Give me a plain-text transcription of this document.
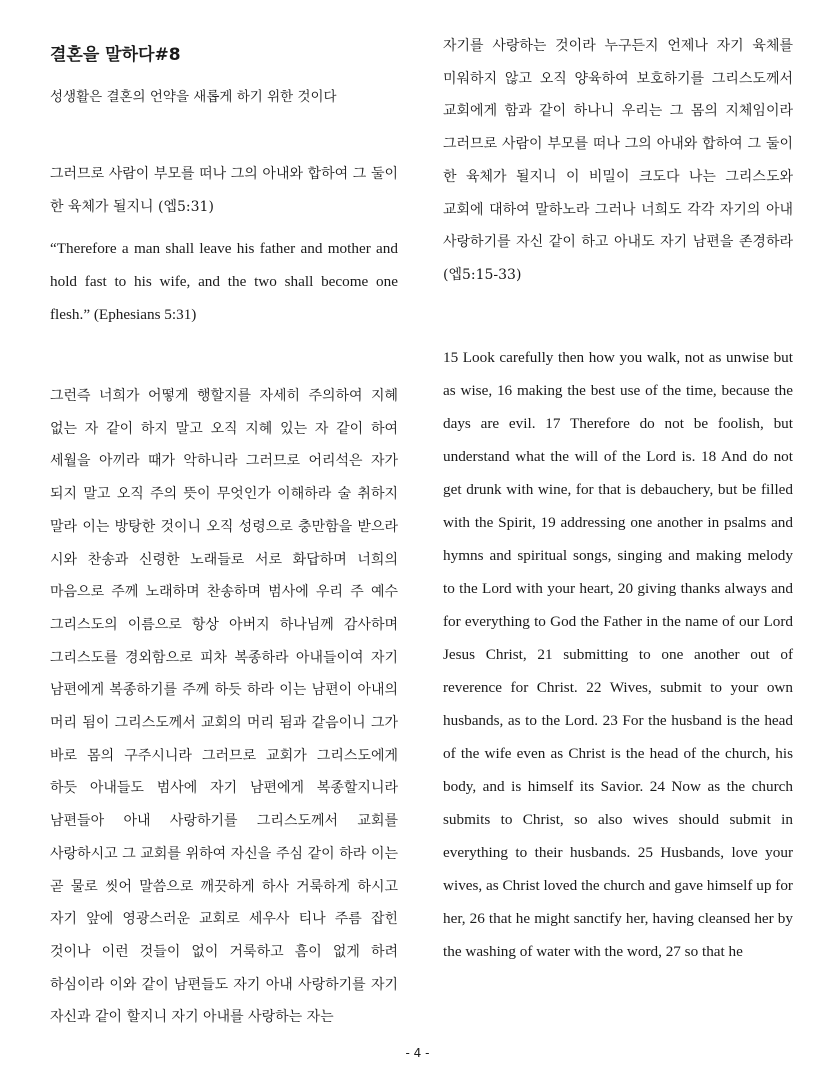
결혼을 말하다#8
성생활은 결혼의 언약을 새롭게 하기 위한 것이다

그러므로 사람이 부모를 떠나 그의 아내와 합하여 그 둘이 한 육체가 될지니 (엡5:31)

“Therefore a man shall leave his father and mother and hold fast to his wife, and the two shall become one flesh.” (Ephesians 5:31)

그런즉 너희가 어떻게 행할지를 자세히 주의하여 지혜 없는 자 같이 하지 말고 오직 지혜 있는 자 같이 하여 세월을 아끼라 때가 악하니라 그러므로 어리석은 자가 되지 말고 오직 주의 뜻이 무엇인가 이해하라 술 취하지 말라 이는 방탕한 것이니 오직 성령으로 충만함을 받으라 시와 찬송과 신령한 노래들로 서로 화답하며 너희의 마음으로 주께 노래하며 찬송하며 범사에 우리 주 예수 그리스도의 이름으로 항상 아버지 하나님께 감사하며 그리스도를 경외함으로 피차 복종하라 아내들이여 자기 남편에게 복종하기를 주께 하듯 하라 이는 남편이 아내의 머리 됨이 그리스도께서 교회의 머리 됨과 같음이니 그가 바로 몸의 구주시니라 그러므로 교회가 그리스도에게 하듯 아내들도 범사에 자기 남편에게 복종할지니라 남편들아 아내 사랑하기를 그리스도께서 교회를 사랑하시고 그 교회를 위하여 자신을 주심 같이 하라 이는 곧 물로 씻어 말씀으로 깨끗하게 하사 거룩하게 하시고 자기 앞에 영광스러운 교회로 세우사 티나 주름 잡힌 것이나 이런 것들이 없이 거룩하고 흠이 없게 하려 하심이라 이와 같이 남편들도 자기 아내 사랑하기를 자기 자신과 같이 할지니 자기 아내를 사랑하는 자는

자기를 사랑하는 것이라 누구든지 언제나 자기 육체를 미워하지 않고 오직 양육하여 보호하기를 그리스도께서 교회에게 함과 같이 하나니 우리는 그 몸의 지체임이라 그러므로 사람이 부모를 떠나 그의 아내와 합하여 그 둘이 한 육체가 될지니 이 비밀이 크도다 나는 그리스도와 교회에 대하여 말하노라 그러나 너희도 각각 자기의 아내 사랑하기를 자신 같이 하고 아내도 자기 남편을 존경하라 (엡5:15-33)

15 Look carefully then how you walk, not as unwise but as wise, 16 making the best use of the time, because the days are evil. 17 Therefore do not be foolish, but understand what the will of the Lord is. 18 And do not get drunk with wine, for that is debauchery, but be filled with the Spirit, 19 addressing one another in psalms and hymns and spiritual songs, singing and making melody to the Lord with your heart, 20 giving thanks always and for everything to God the Father in the name of our Lord Jesus Christ, 21 submitting to one another out of reverence for Christ. 22 Wives, submit to your own husbands, as to the Lord. 23 For the husband is the head of the wife even as Christ is the head of the church, his body, and is himself its Savior. 24 Now as the church submits to Christ, so also wives should submit in everything to their husbands. 25 Husbands, love your wives, as Christ loved the church and gave himself up for her, 26 that he might sanctify her, having cleansed her by the washing of water with the word, 27 so that he

- 4 -
